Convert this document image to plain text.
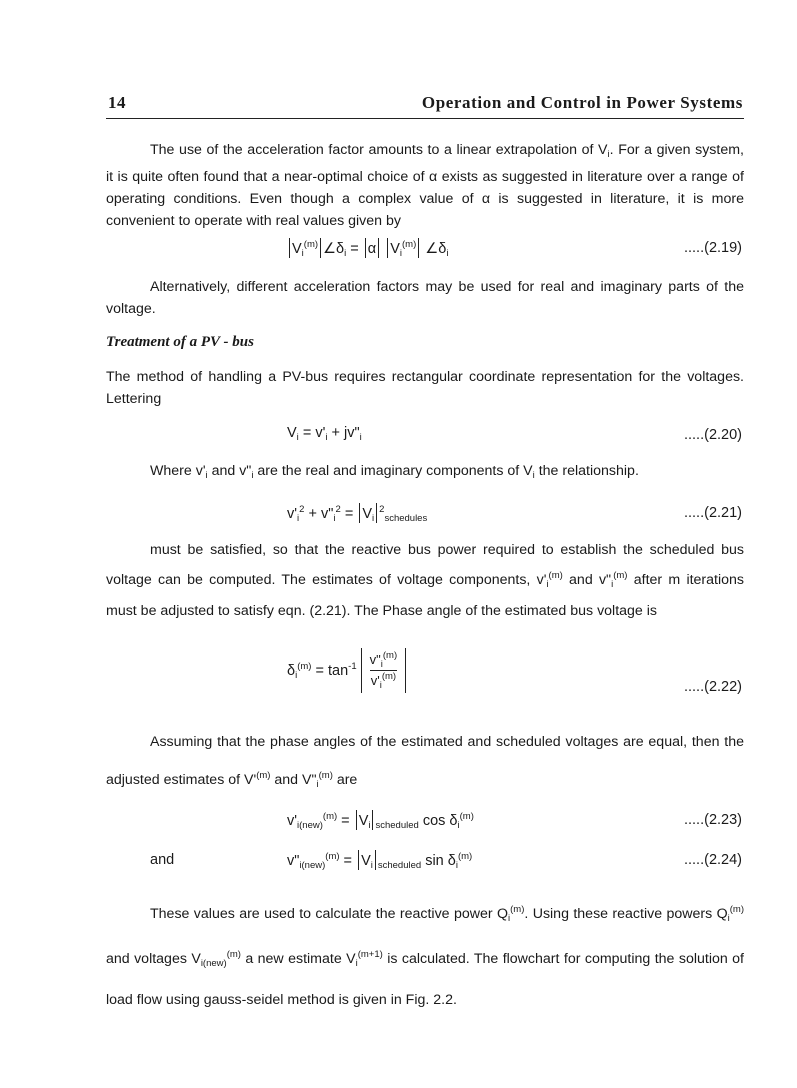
14	Operation and Control in Power Systems
The use of the acceleration factor amounts to a linear extrapolation of $V_i$. For a given system, it is quite often found that a near-optimal choice of α exists as suggested in literature over a range of operating conditions. Even though a complex value of α is suggested in literature, it is more convenient to operate with real values given by
$V_i^{(m)}$ $\angle\delta_i = \alpha$ $V_i^{(m)}$ $\angle\delta_i$	.....(2.19)
Alternatively, different acceleration factors may be used for real and imaginary parts of the voltage.
Treatment of a PV - bus
The method of handling a PV-bus requires rectangular coordinate representation for the voltages. Lettering
$V_i = v'_i$ + $jv"_i$	.....(2.20)
Where $v'_i$ and $v"_i$ are the real and imaginary components of $V_i$ the relationship.
$v'_i^2$ + $v"_i^2 = V_i^2_{schedules}$	.....(2.21)
must be satisfied, so that the reactive bus power required to establish the scheduled bus voltage can be computed. The estimates of voltage components, $v'_i^{(m)}$ and $v"_i^{(m)}$ after m iterations must be adjusted to satisfy eqn. (2.21). The Phase angle of the estimated bus voltage is
$\delta_i^{(m)} = \tan^{-1} \frac{v"_i^{(m)}}{v'_i^{(m)}}$	.....(2.22)
Assuming that the phase angles of the estimated and scheduled voltages are equal, then the adjusted estimates of $V'^{(m)}$ and $V"_i^{(m)}$ are
$v'_{i(new)}^{(m)} = V_i$ $_{scheduled}$ $\cos \delta_i^{(m)}$	.....(2.23)
and	$v"_{i(new)}^{(m)} = V_i$ $_{scheduled}$ $\sin \delta_i^{(m)}$	.....(2.24)
These values are used to calculate the reactive power $Q_i^{(m)}$. Using these reactive powers $Q_i^{(m)}$ and voltages $V_{i(new)}^{(m)}$ a new estimate $V_i^{(m+1)}$ is calculated. The flowchart for computing the solution of load flow using gauss-seidel method is given in Fig. 2.2.
